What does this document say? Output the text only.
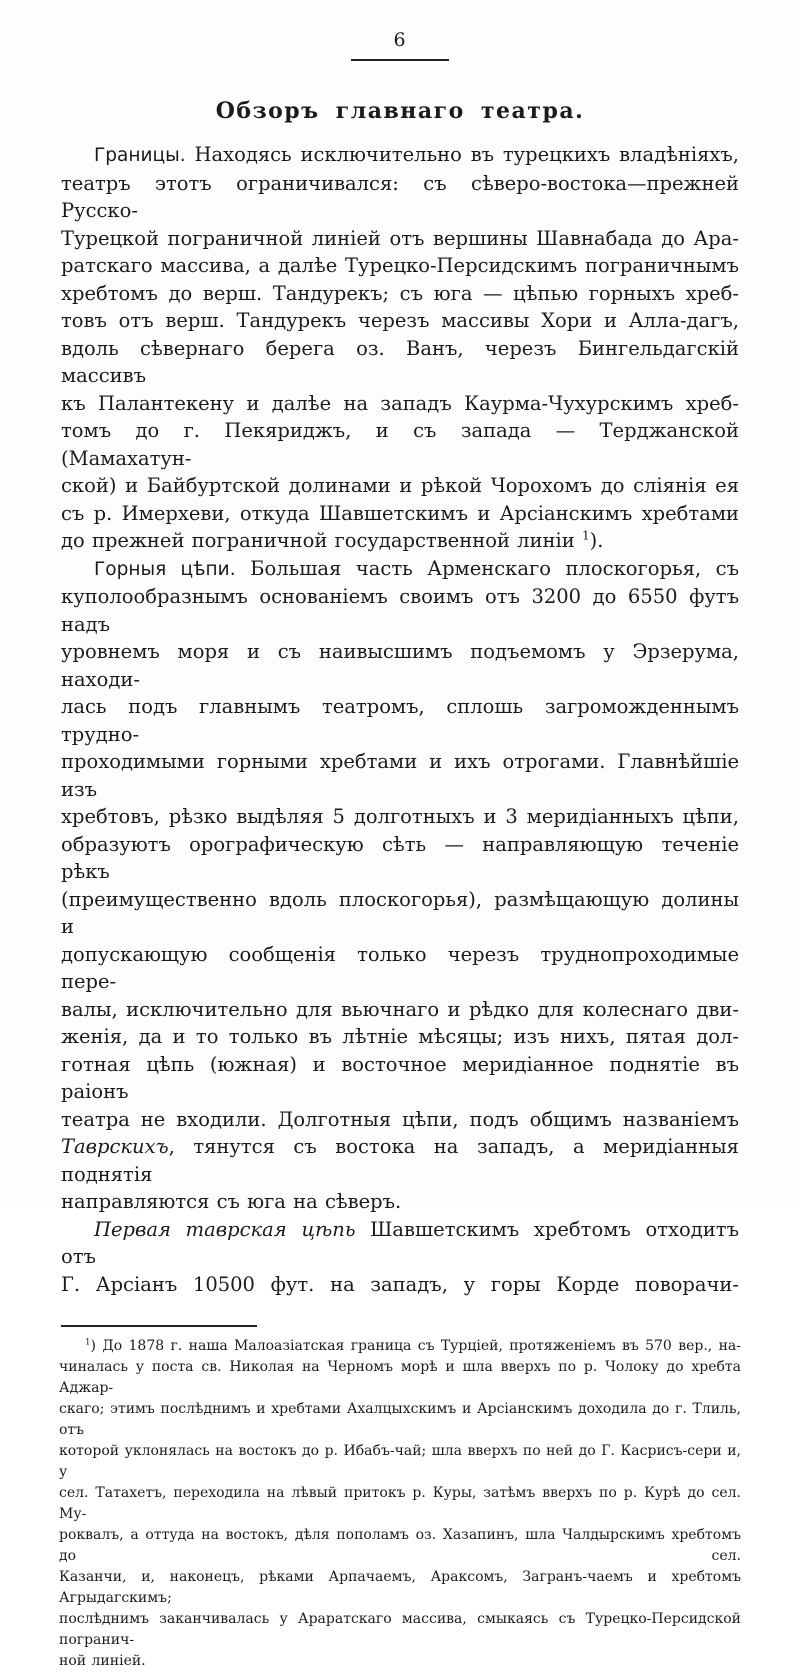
6
Обзоръ главнаго театра.
Границы. Находясь исключительно въ турецкихъ владѣніяхъ,
театръ этотъ ограничивался: съ сѣверо-востока—прежней Русско-
Турецкой пограничной линіей отъ вершины Шавнабада до Ара-
ратскаго массива, а далѣе Турецко-Персидскимъ пограничнымъ
хребтомъ до верш. Тандурекъ; съ юга — цѣпью горныхъ хреб-
товъ отъ верш. Тандурекъ черезъ массивы Хори и Алла-дагъ,
вдоль сѣвернаго берега оз. Ванъ, черезъ Бингельдагскій массивъ
къ Палантекену и далѣе на западъ Каурма-Чухурскимъ хреб-
томъ до г. Пекяриджъ, и съ запада — Терджанской (Мамахатун-
ской) и Байбуртской долинами и рѣкой Чорохомъ до сліянія ея
съ р. Имерхеви, откуда Шавшетскимъ и Арсіанскимъ хребтами
до прежней пограничной государственной линіи $^1$).
Горныя цѣпи. Большая часть Арменскаго плоскогорья, съ
куполообразнымъ основаніемъ своимъ отъ 3200 до 6550 футъ надъ
уровнемъ моря и съ наивысшимъ подъемомъ у Эрзерума, находи-
лась подъ главнымъ театромъ, сплошь загроможденнымъ трудно-
проходимыми горными хребтами и ихъ отрогами. Главнѣйшіе изъ
хребтовъ, рѣзко выдѣляя 5 долготныхъ и 3 меридіанныхъ цѣпи,
образуютъ орографическую сѣть — направляющую теченіе рѣкъ
(преимущественно вдоль плоскогорья), размѣщающую долины и
допускающую сообщенія только черезъ труднопроходимые пере-
валы, исключительно для вьючнаго и рѣдко для колеснаго дви-
женія, да и то только въ лѣтніе мѣсяцы; изъ нихъ, пятая дол-
готная цѣпь (южная) и восточное меридіанное поднятіе въ раіонъ
театра не входили. Долготныя цѣпи, подъ общимъ названіемъ
Таврскихъ, тянутся съ востока на западъ, а меридіанныя поднятія
направляются съ юга на сѣверъ.
Первая таврская цѣпь Шавшетскимъ хребтомъ отходитъ отъ
Г. Арсіанъ 10500 фут. на западъ, у горы Корде поворачи-
$^1$) До 1878 г. наша Малоазіатская граница съ Турціей, протяженіемъ въ 570 вер., на-
чиналась у поста св. Николая на Черномъ морѣ и шла вверхъ по р. Чолоку до хребта Аджар-
скаго; этимъ послѣднимъ и хребтами Ахалцыхскимъ и Арсіанскимъ доходила до г. Тлиль, отъ
которой уклонялась на востокъ до р. Ибабъ-чай; шла вверхъ по ней до Г. Касрисъ-сери и, у
сел. Татахетъ, переходила на лѣвый притокъ р. Куры, затѣмъ вверхъ по р. Курѣ до сел. Му-
роквалъ, а оттуда на востокъ, дѣля пополамъ оз. Хазапинъ, шла Чалдырскимъ хребтомъ до сел.
Казанчи, и, наконецъ, рѣками Арпачаемъ, Араксомъ, Загранъ-чаемъ и хребтомъ Агрыдагскимъ;
послѣднимъ заканчивалась у Араратскаго массива, смыкаясь съ Турецко-Персидской погранич-
ной линіей.
